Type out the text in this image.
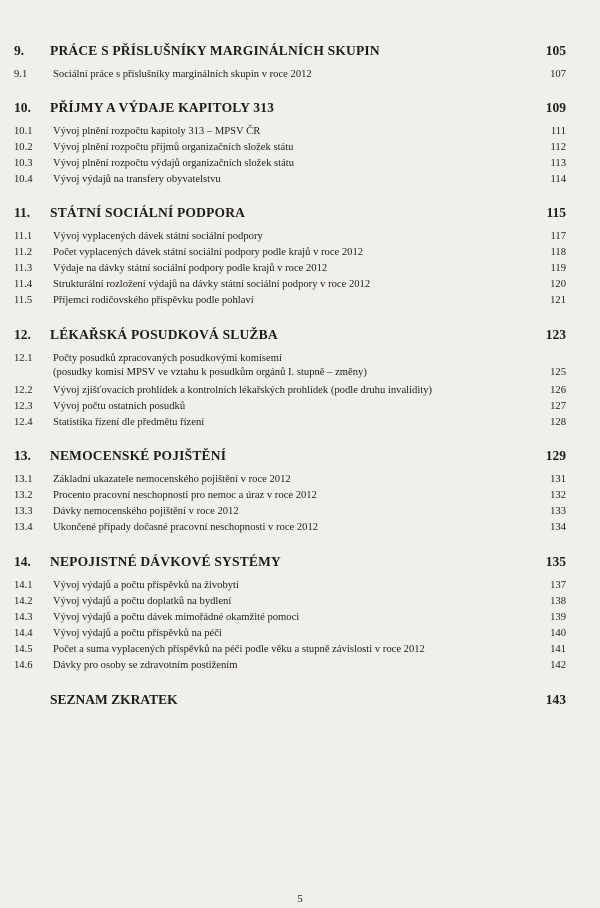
9. PRÁCE S PŘÍSLUŠNÍKY MARGINÁLNÍCH SKUPIN	105
9.1 Sociální práce s příslušníky marginálních skupin v roce 2012	107
10. PŘÍJMY A VÝDAJE KAPITOLY 313	109
10.1 Vývoj plnění rozpočtu kapitoly 313 – MPSV ČR	111
10.2 Vývoj plnění rozpočtu příjmů organizačních složek státu	112
10.3 Vývoj plnění rozpočtu výdajů organizačních složek státu	113
10.4 Vývoj výdajů na transfery obyvatelstvu	114
11. STÁTNÍ SOCIÁLNÍ PODPORA	115
11.1 Vývoj vyplacených dávek státní sociální podpory	117
11.2 Počet vyplacených dávek státní sociální podpory podle krajů v roce 2012	118
11.3 Výdaje na dávky státní sociální podpory podle krajů v roce 2012	119
11.4 Strukturální rozložení výdajů na dávky státní sociální podpory v roce 2012	120
11.5 Příjemci rodičovského příspěvku podle pohlaví	121
12. LÉKAŘSKÁ POSUDKOVÁ SLUŽBA	123
12.1 Počty posudků zpracovaných posudkovými komisemi
(posudky komisí MPSV ve vztahu k posudkům orgánů I. stupně – změny)	125
12.2 Vývoj zjišťovacích prohlídek a kontrolních lékařských prohlídek (podle druhu invalidity)	126
12.3 Vývoj počtu ostatních posudků	127
12.4 Statistika řízení dle předmětu řízení	128
13. NEMOCENSKÉ POJIŠTĚNÍ	129
13.1 Základní ukazatele nemocenského pojištění v roce 2012	131
13.2 Procento pracovní neschopnosti pro nemoc a úraz v roce 2012	132
13.3 Dávky nemocenského pojištění v roce 2012	133
13.4 Ukončené případy dočasné pracovní neschopnosti v roce 2012	134
14. NEPOJISTNÉ DÁVKOVÉ SYSTÉMY	135
14.1 Vývoj výdajů a počtu příspěvků na živobytí	137
14.2 Vývoj výdajů a počtu doplatků na bydlení	138
14.3 Vývoj výdajů a počtu dávek mimořádné okamžité pomoci	139
14.4 Vývoj výdajů a počtu příspěvků na péči	140
14.5 Počet a suma vyplacených příspěvků na péči podle věku a stupně závislosti v roce 2012	141
14.6 Dávky pro osoby se zdravotním postižením	142
SEZNAM ZKRATEK	143
5
